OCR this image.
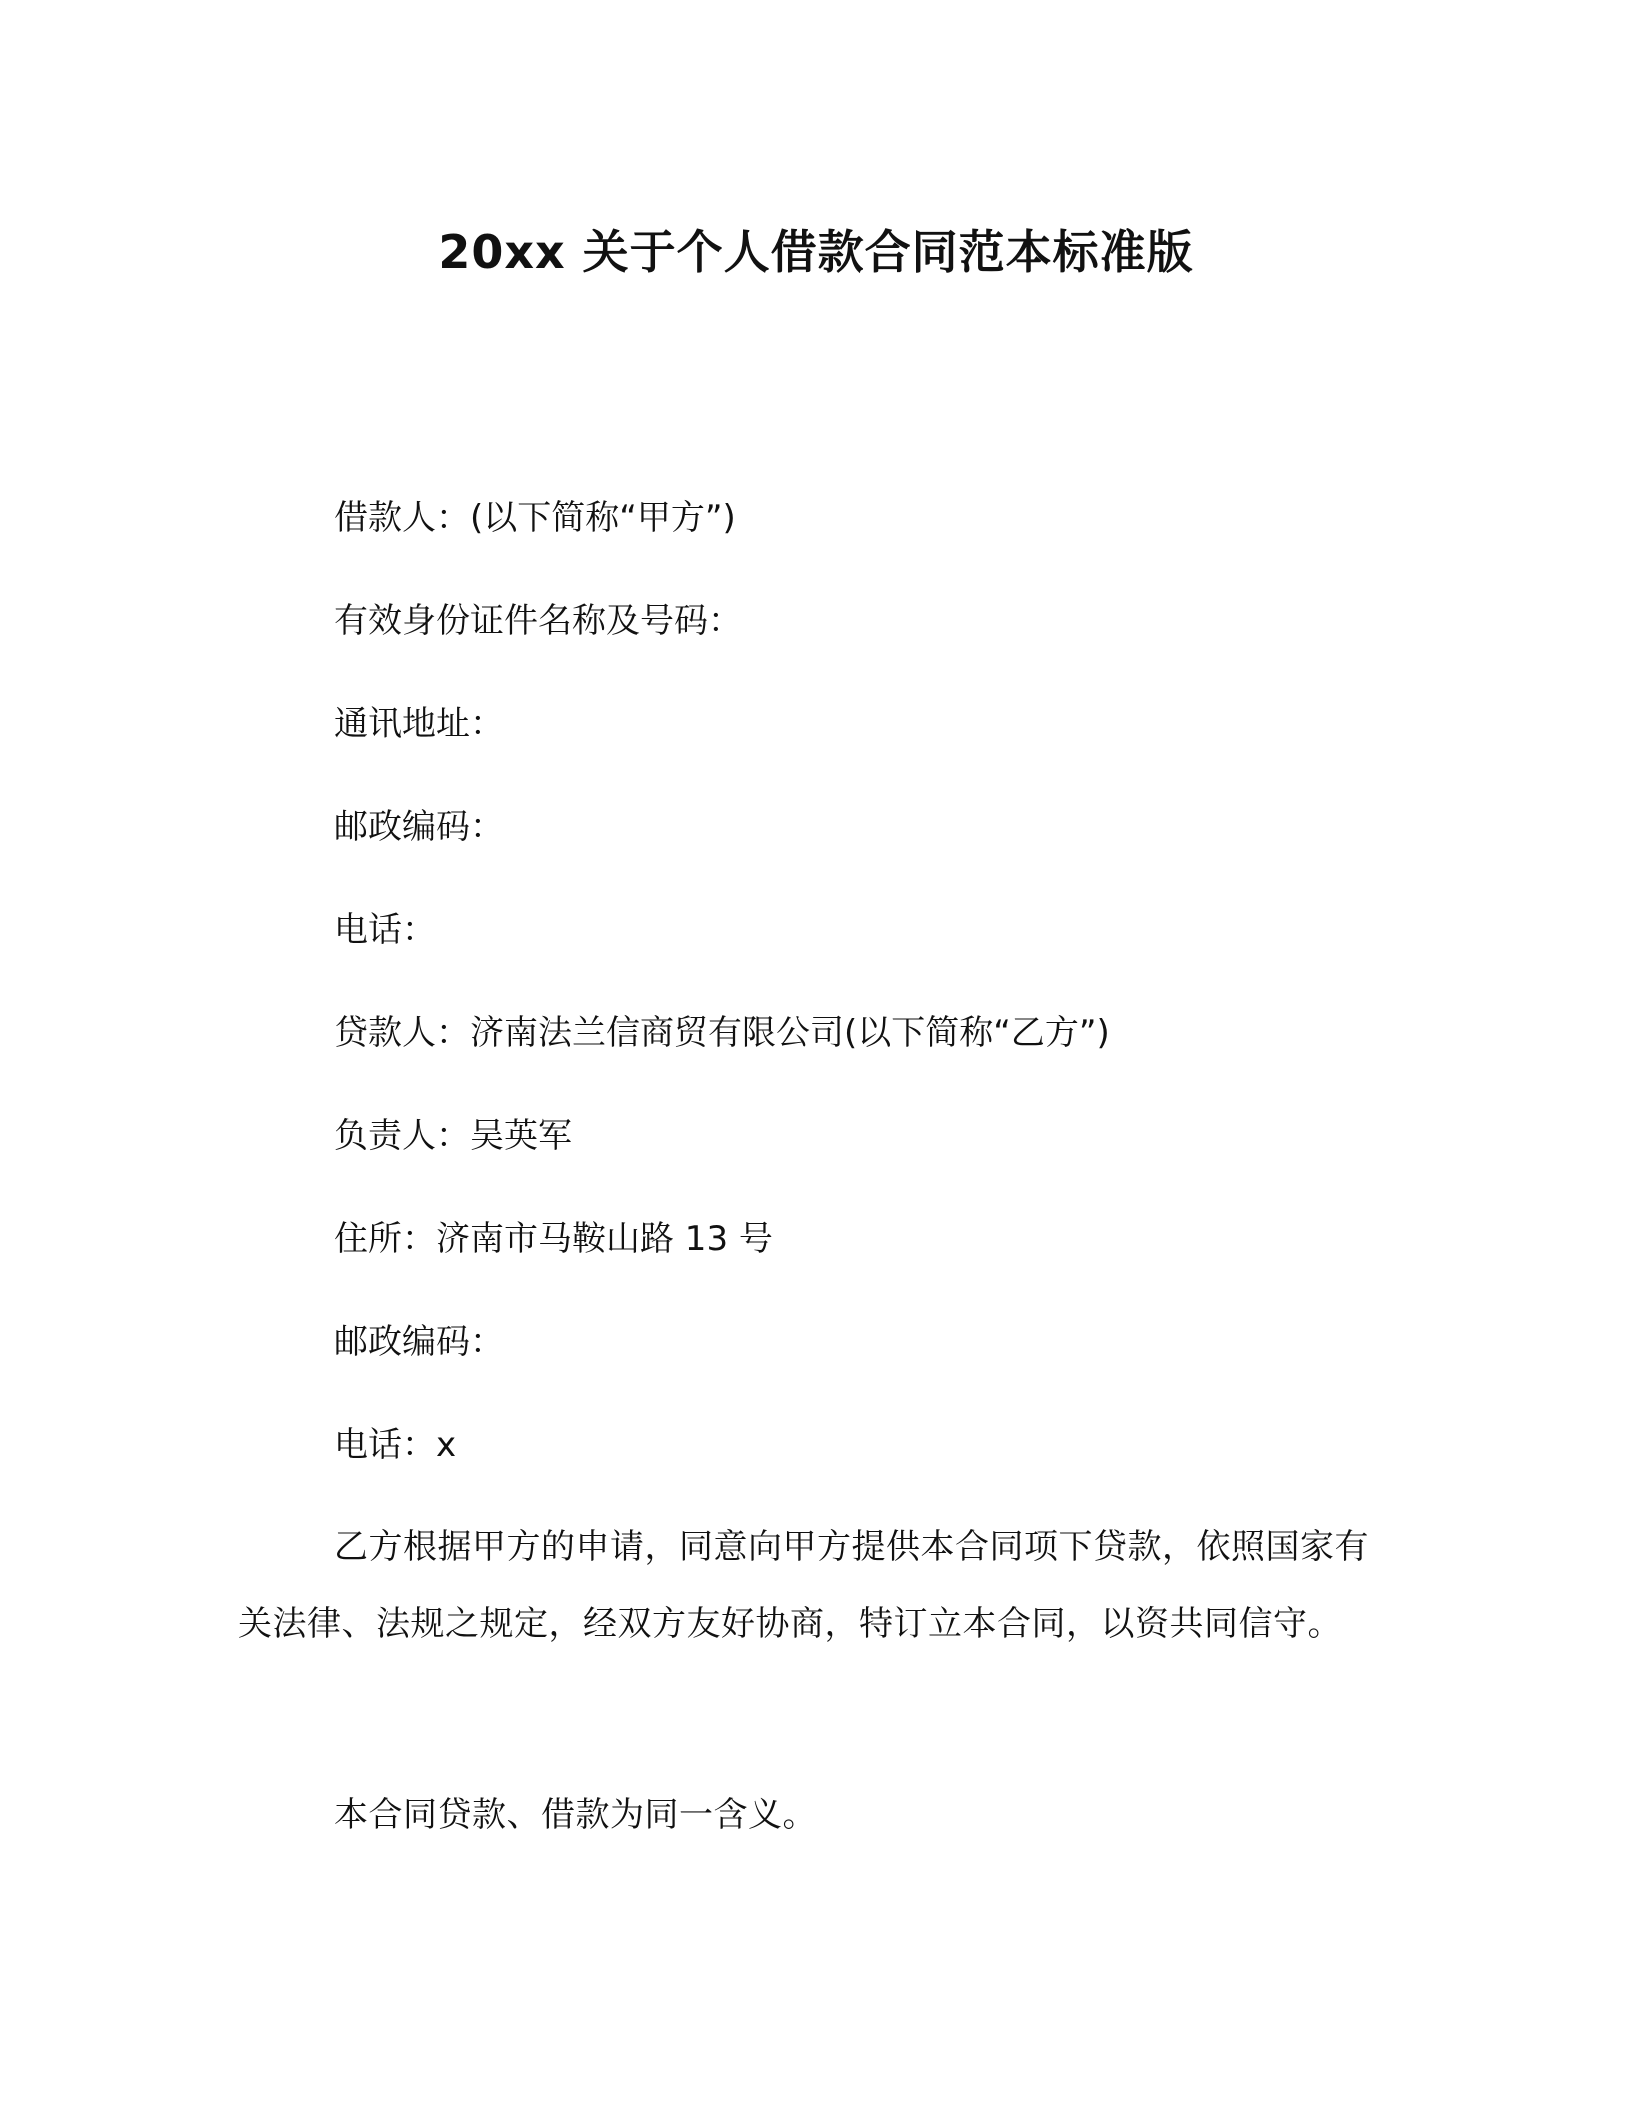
20xx 关于个人借款合同范本标准版
借款人：(以下简称“甲方”)
有效身份证件名称及号码：
通讯地址：
邮政编码：
电话：
贷款人：济南法兰信商贸有限公司(以下简称“乙方”)
负责人：吴英军
住所：济南市马鞍山路 13 号
邮政编码：
电话：x
乙方根据甲方的申请，同意向甲方提供本合同项下贷款，依照国家有关法律、法规之规定，经双方友好协商，特订立本合同，以资共同信守。
本合同贷款、借款为同一含义。
